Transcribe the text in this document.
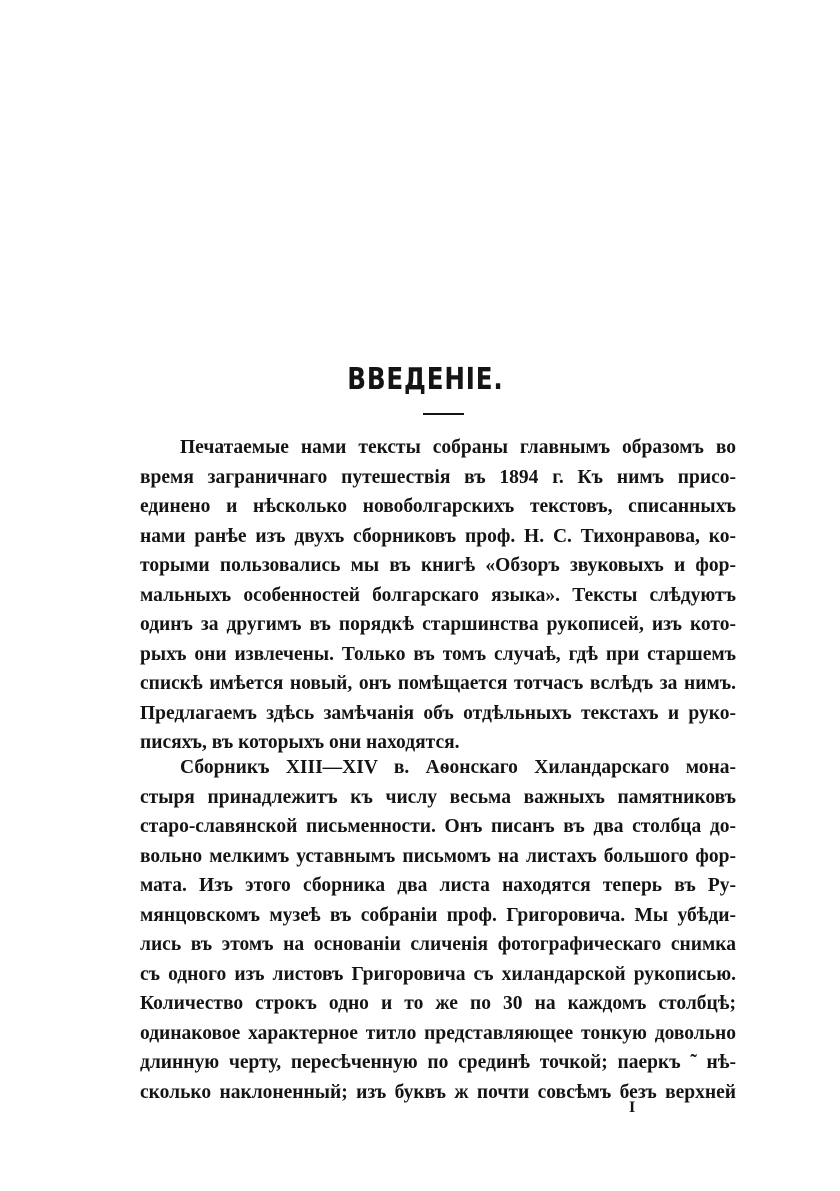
ВВЕДЕНІЕ.
Печатаемые нами тексты собраны главнымъ образомъ во
время заграничнаго путешествія въ 1894 г. Къ нимъ присо-
единено и нѣсколько новоболгарскихъ текстовъ, списанныхъ
нами ранѣе изъ двухъ сборниковъ проф. Н. С. Тихонравова, ко-
торыми пользовались мы въ книгѣ «Обзоръ звуковыхъ и фор-
мальныхъ особенностей болгарскаго языка». Тексты слѣдуютъ
одинъ за другимъ въ порядкѣ старшинства рукописей, изъ кото-
рыхъ они извлечены. Только въ томъ случаѣ, гдѣ при старшемъ
спискѣ имѣется новый, онъ помѣщается тотчасъ вслѣдъ за нимъ.
Предлагаемъ здѣсь замѣчанія объ отдѣльныхъ текстахъ и руко-
писяхъ, въ которыхъ они находятся.
Сборникъ XIII—XIV в. Аѳонскаго Хиландарскаго мона-
стыря принадлежитъ къ числу весьма важныхъ памятниковъ
старо-славянской письменности. Онъ писанъ въ два столбца до-
вольно мелкимъ уставнымъ письмомъ на листахъ большого фор-
мата. Изъ этого сборника два листа находятся теперь въ Ру-
мянцовскомъ музеѣ въ собраніи проф. Григоровича. Мы убѣди-
лись въ этомъ на основаніи сличенія фотографическаго снимка
съ одного изъ листовъ Григоровича съ хиландарской рукописью.
Количество строкъ одно и то же по 30 на каждомъ столбцѣ;
одинаковое характерное титло представляющее тонкую довольно
длинную черту, пересѣченную по срединѣ точкой; паеркъ ˜ нѣ-
сколько наклоненный; изъ буквъ ж почти совсѣмъ безъ верхней
I
